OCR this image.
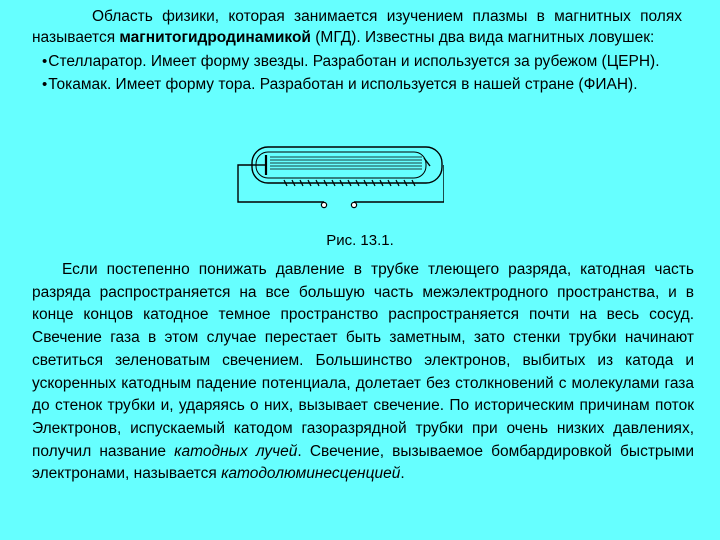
Область физики, которая занимается изучением плазмы в магнитных полях называется магнитогидродинамикой (МГД). Известны два вида магнитных ловушек:

•Стелларатор. Имеет форму звезды. Разработан и используется за рубежом (ЦЕРН).

•Токамак. Имеет форму тора. Разработан и используется в нашей стране (ФИАН).

Рис. 13.1.

Если постепенно понижать давление в трубке тлеющего разряда, катодная часть разряда распространяется на все большую часть межэлектродного пространства, и в конце концов катодное темное пространство распространяется почти на весь сосуд. Свечение газа в этом случае перестает быть заметным, зато стенки трубки начинают светиться зеленоватым свечением. Большинство электронов, выбитых из катода и ускоренных катодным падение потенциала, долетает без столкновений с молекулами газа до стенок трубки и, ударяясь о них, вызывает свечение. По историческим причинам поток Электронов, испускаемый катодом газоразрядной трубки при очень низких давлениях, получил название катодных лучей. Свечение, вызываемое бомбардировкой быстрыми электронами, называется катодолюминесценцией.
